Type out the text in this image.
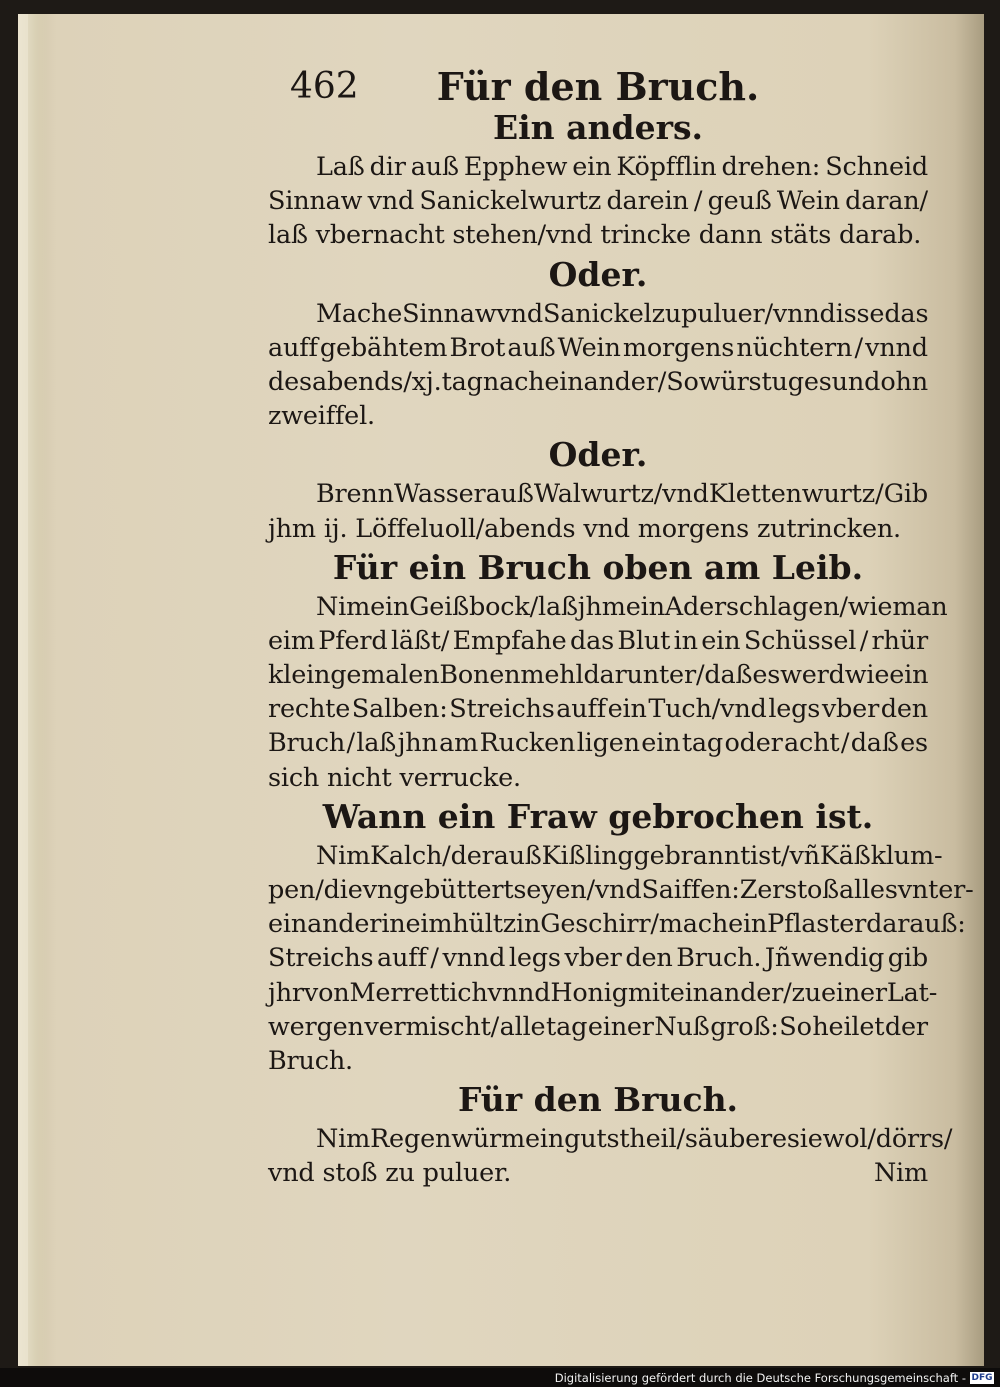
462	Für den Bruch.
Ein anders.
Laß dir auß Epphew ein Köpfflin drehen: Schneid
Sinnaw vnd Sanickelwurtz darein / geuß Wein daran/
laß vbernacht stehen/vnd trincke dann stäts darab.
Oder.
Mache Sinnaw vnd Sanickel zu puluer/ vnnd isse das
auff gebähtem Brot auß Wein morgens nüchtern / vnnd
des abends / xj. tag nacheinander / So würstu gesund ohn
zweiffel.
Oder.
Brenn Wasser auß Walwurtz/vnd Klettenwurtz / Gib
jhm ij. Löffeluoll/abends vnd morgens zutrincken.
Für ein Bruch oben am Leib.
Nim ein Geißbock/laß jhm ein Ader schlagen / wie man
eim Pferd läßt/ Empfahe das Blut in ein Schüssel / rhür
klein gemalen Bonenmehl darunter / daß es werd wie ein
rechte Salben: Streichs auff ein Tuch/vnd legs vber den
Bruch / laß jhn am Rucken ligen ein tag oder acht / daß es
sich nicht verrucke.
Wann ein Fraw gebrochen ist.
Nim Kalch/der auß Kißling gebrannt ist/ vñ Käßklum-
pen/die vngebüttert seyen/vnd Saiffen: Zerstoß alles vnter-
einander in eim hültzin Geschirr/mach ein Pflaster darauß:
Streichs auff / vnnd legs vber den Bruch. Jñwendig gib
jhr von Merrettich vnnd Honig miteinander/zu einer Lat-
wergen vermischt/ alle tag einer Nuß groß: So heilet der
Bruch.
Für den Bruch.
Nim Regenwürm ein guts theil / säubere sie wol / dörrs/
vnd stoß zu puluer.	Nim
Digitalisierung gefördert durch die Deutsche Forschungsgemeinschaft - DFG
